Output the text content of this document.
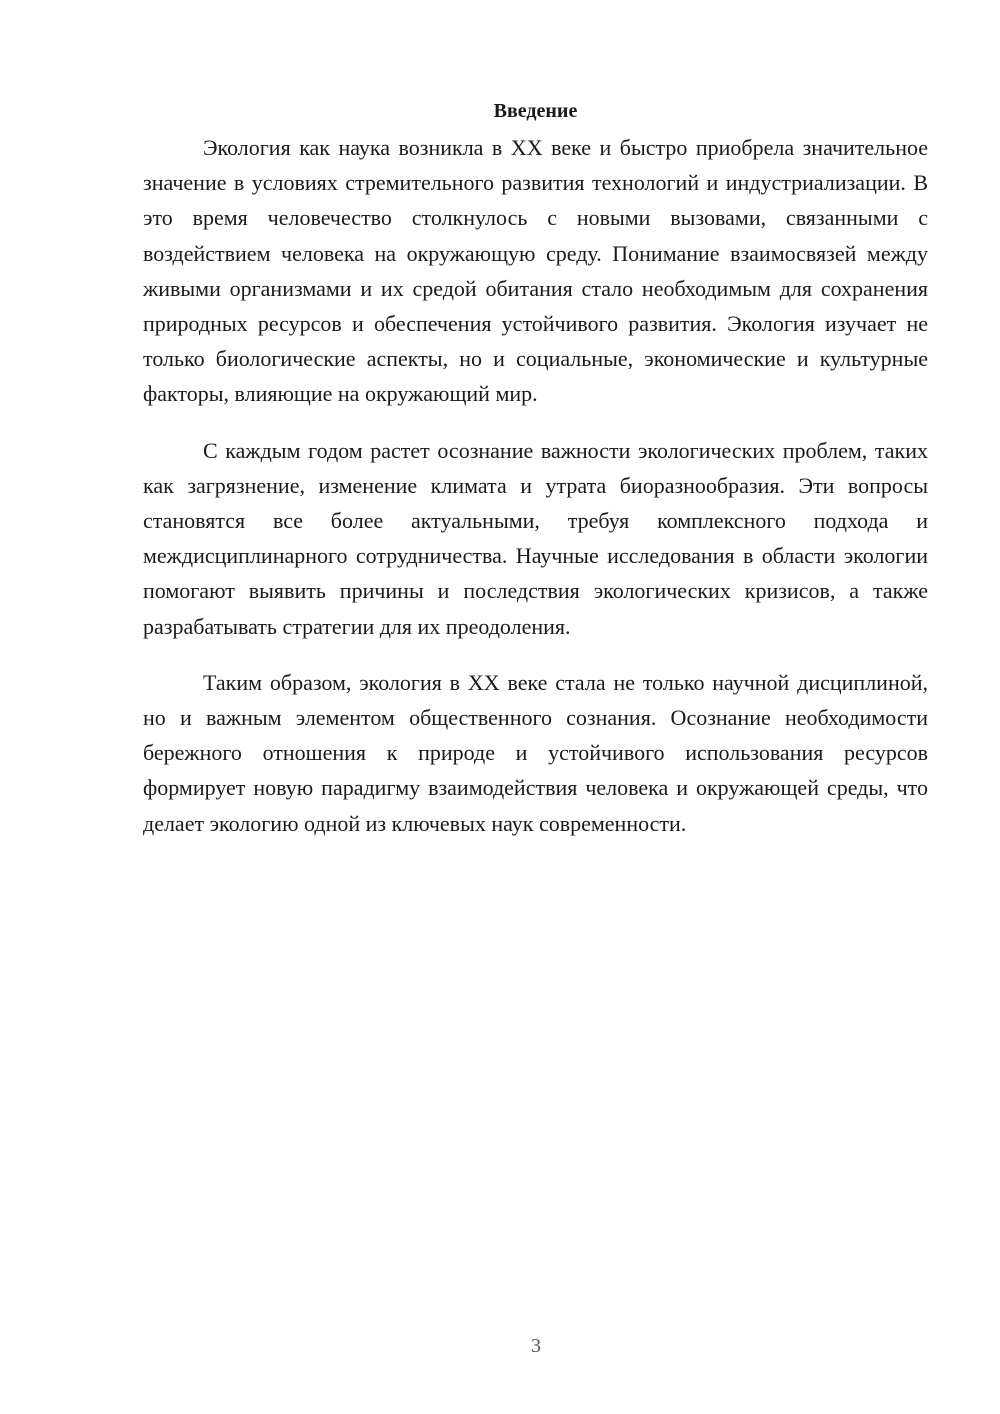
Введение

Экология как наука возникла в XX веке и быстро приобрела значительное значение в условиях стремительного развития технологий и индустриализации. В это время человечество столкнулось с новыми вызовами, связанными с воздействием человека на окружающую среду. Понимание взаимосвязей между живыми организмами и их средой обитания стало необходимым для сохранения природных ресурсов и обеспечения устойчивого развития. Экология изучает не только биологические аспекты, но и социальные, экономические и культурные факторы, влияющие на окружающий мир.

С каждым годом растет осознание важности экологических проблем, таких как загрязнение, изменение климата и утрата биоразнообразия. Эти вопросы становятся все более актуальными, требуя комплексного подхода и междисциплинарного сотрудничества. Научные исследования в области экологии помогают выявить причины и последствия экологических кризисов, а также разрабатывать стратегии для их преодоления.

Таким образом, экология в XX веке стала не только научной дисциплиной, но и важным элементом общественного сознания. Осознание необходимости бережного отношения к природе и устойчивого использования ресурсов формирует новую парадигму взаимодействия человека и окружающей среды, что делает экологию одной из ключевых наук современности.

3
